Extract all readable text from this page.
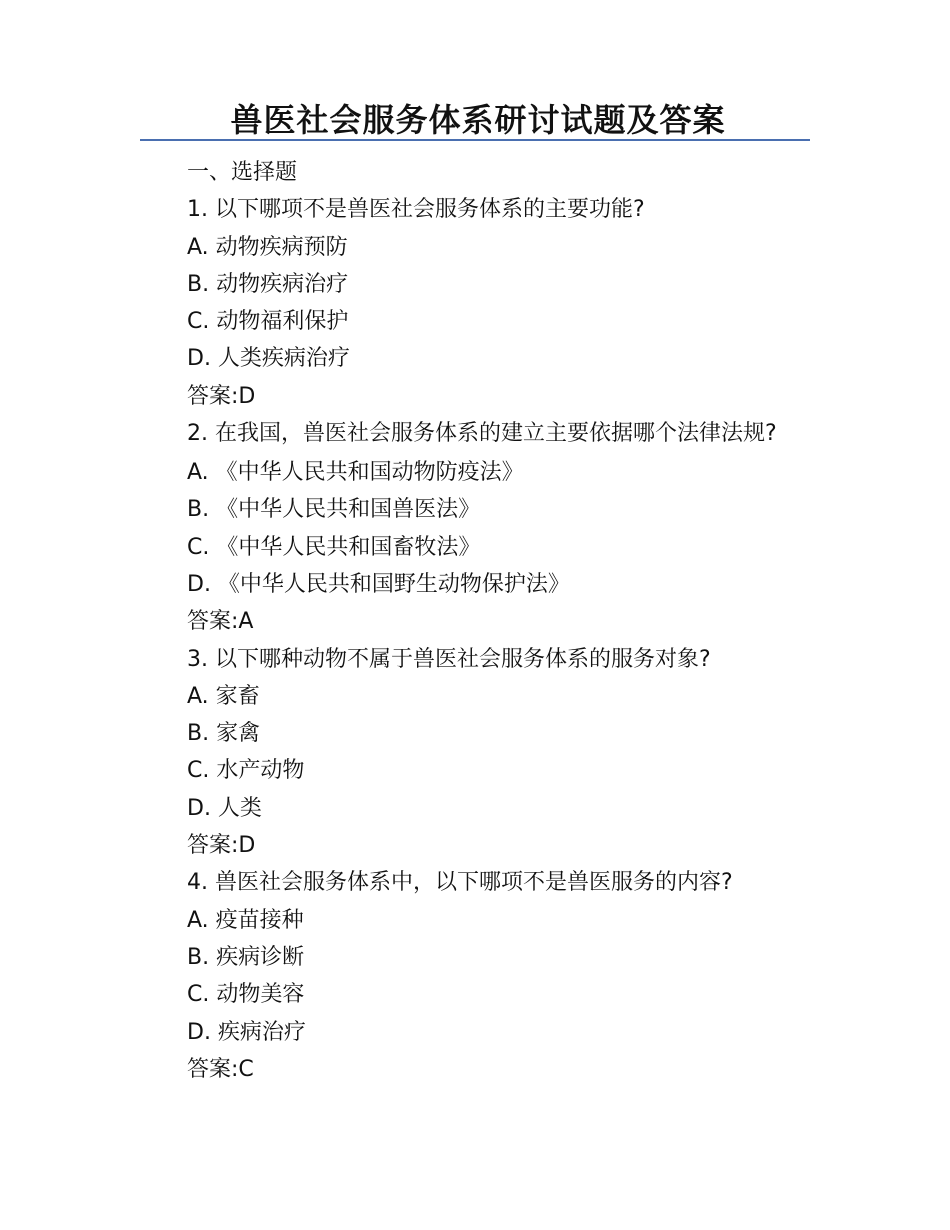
兽医社会服务体系研讨试题及答案
一、选择题
1. 以下哪项不是兽医社会服务体系的主要功能?
A. 动物疾病预防
B. 动物疾病治疗
C. 动物福利保护
D. 人类疾病治疗
答案:D
2. 在我国，兽医社会服务体系的建立主要依据哪个法律法规?
A. 《中华人民共和国动物防疫法》
B. 《中华人民共和国兽医法》
C. 《中华人民共和国畜牧法》
D. 《中华人民共和国野生动物保护法》
答案:A
3. 以下哪种动物不属于兽医社会服务体系的服务对象?
A. 家畜
B. 家禽
C. 水产动物
D. 人类
答案:D
4. 兽医社会服务体系中，以下哪项不是兽医服务的内容?
A. 疫苗接种
B. 疾病诊断
C. 动物美容
D. 疾病治疗
答案:C
